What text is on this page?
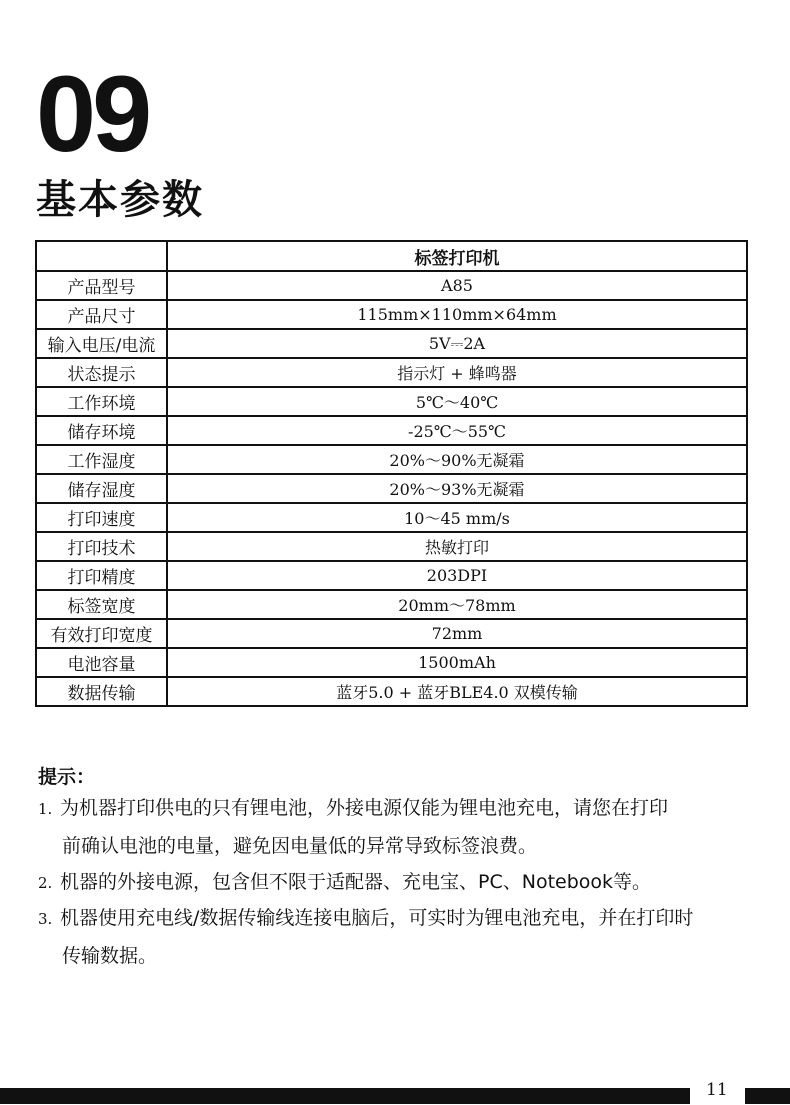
09
基本参数
	标签打印机
产品型号	A85
产品尺寸	115mm×110mm×64mm
输入电压/电流	5V⎓2A
状态提示	指示灯 + 蜂鸣器
工作环境	5℃～40℃
储存环境	-25℃～55℃
工作湿度	20%～90%无凝霜
储存湿度	20%～93%无凝霜
打印速度	10～45 mm/s
打印技术	热敏打印
打印精度	203DPI
标签宽度	20mm～78mm
有效打印宽度	72mm
电池容量	1500mAh
数据传输	蓝牙5.0 + 蓝牙BLE4.0 双模传输
提示：
1. 为机器打印供电的只有锂电池，外接电源仅能为锂电池充电，请您在打印
前确认电池的电量，避免因电量低的异常导致标签浪费。
2. 机器的外接电源，包含但不限于适配器、充电宝、PC、Notebook等。
3. 机器使用充电线/数据传输线连接电脑后，可实时为锂电池充电，并在打印时
传输数据。
11
